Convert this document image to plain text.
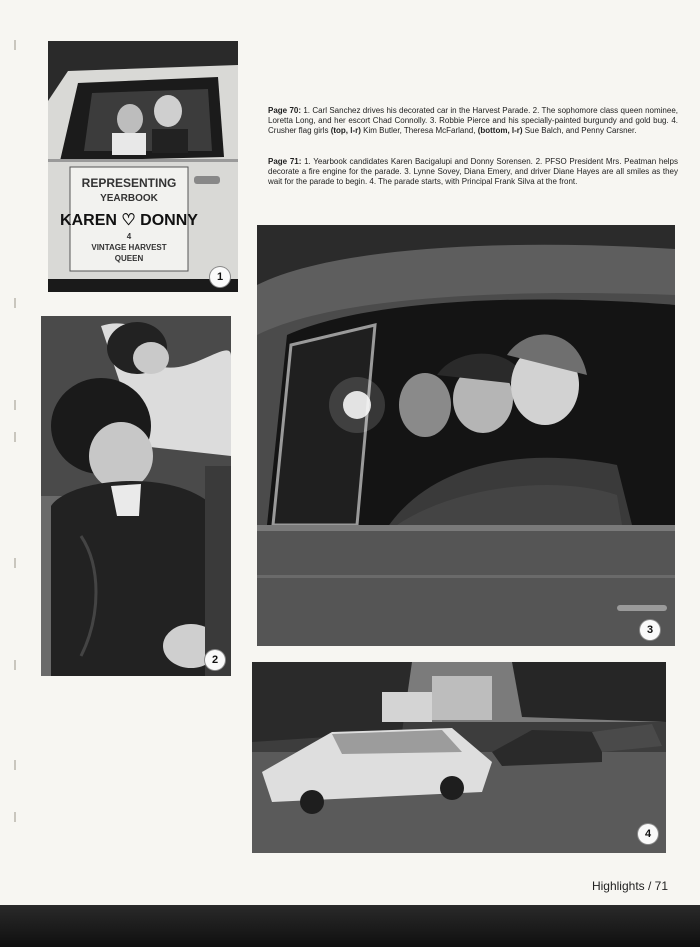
REPRESENTING
YEARBOOK
KAREN ♡ DONNY
4
VINTAGE HARVEST
QUEEN
1
2
Page 70: 1. Carl Sanchez drives his decorated car in the Harvest Parade. 2. The sophomore class queen nominee, Loretta Long, and her escort Chad Connolly. 3. Robbie Pierce and his specially-painted burgundy and gold bug. 4. Crusher flag girls (top, l-r) Kim Butler, Theresa McFarland, (bottom, l-r) Sue Balch, and Penny Carsner.
Page 71: 1. Yearbook candidates Karen Bacigalupi and Donny Sorensen. 2. PFSO President Mrs. Peatman helps decorate a fire engine for the parade. 3. Lynne Sovey, Diana Emery, and driver Diane Hayes are all smiles as they wait for the parade to begin. 4. The parade starts, with Principal Frank Silva at the front.
3
4
Highlights / 71
